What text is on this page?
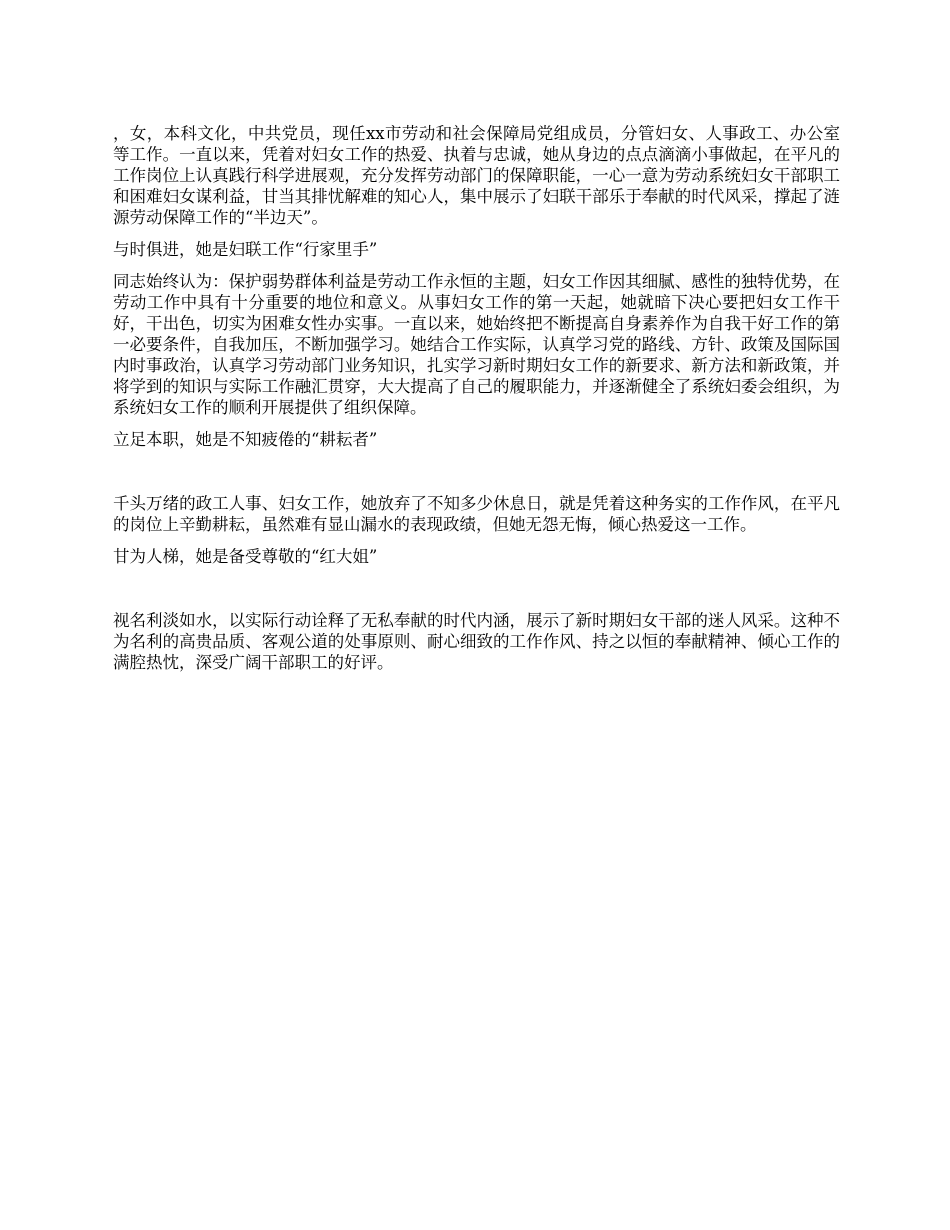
，女，本科文化，中共党员，现任xx市劳动和社会保障局党组成员，分管妇女、人事政工、办公室等工作。一直以来，凭着对妇女工作的热爱、执着与忠诚，她从身边的点点滴滴小事做起，在平凡的工作岗位上认真践行科学进展观，充分发挥劳动部门的保障职能，一心一意为劳动系统妇女干部职工和困难妇女谋利益，甘当其排忧解难的知心人，集中展示了妇联干部乐于奉献的时代风采，撑起了涟源劳动保障工作的“半边天”。

与时俱进，她是妇联工作“行家里手”

同志始终认为：保护弱势群体利益是劳动工作永恒的主题，妇女工作因其细腻、感性的独特优势，在劳动工作中具有十分重要的地位和意义。从事妇女工作的第一天起，她就暗下决心要把妇女工作干好，干出色，切实为困难女性办实事。一直以来，她始终把不断提高自身素养作为自我干好工作的第一必要条件，自我加压，不断加强学习。她结合工作实际，认真学习党的路线、方针、政策及国际国内时事政治，认真学习劳动部门业务知识，扎实学习新时期妇女工作的新要求、新方法和新政策，并将学到的知识与实际工作融汇贯穿，大大提高了自己的履职能力，并逐渐健全了系统妇委会组织，为系统妇女工作的顺利开展提供了组织保障。

立足本职，她是不知疲倦的“耕耘者”

千头万绪的政工人事、妇女工作，她放弃了不知多少休息日，就是凭着这种务实的工作作风，在平凡的岗位上辛勤耕耘，虽然难有显山漏水的表现政绩，但她无怨无悔，倾心热爱这一工作。

甘为人梯，她是备受尊敬的“红大姐”

视名利淡如水，以实际行动诠释了无私奉献的时代内涵，展示了新时期妇女干部的迷人风采。这种不为名利的高贵品质、客观公道的处事原则、耐心细致的工作作风、持之以恒的奉献精神、倾心工作的满腔热忱，深受广阔干部职工的好评。
